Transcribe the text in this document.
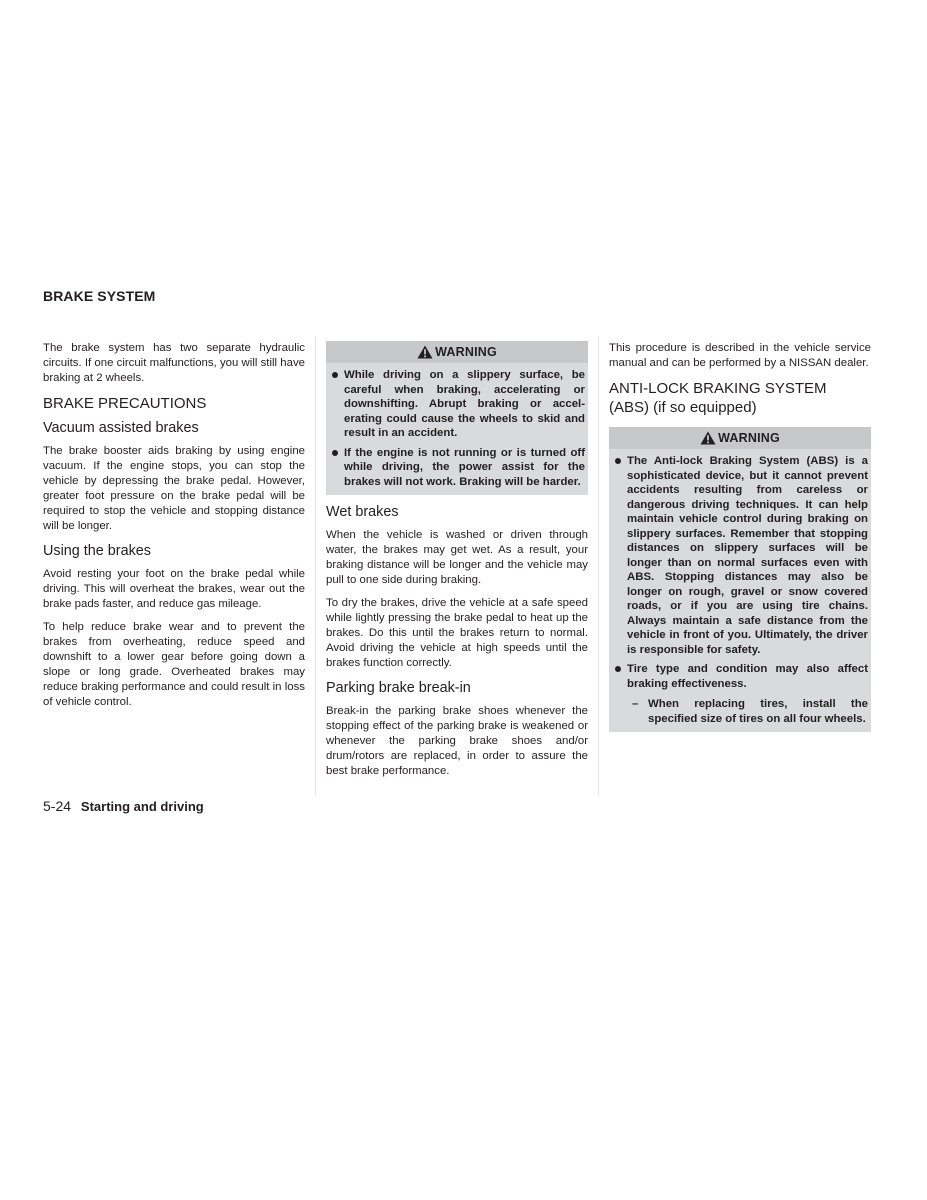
BRAKE SYSTEM

The brake system has two separate hydraulic circuits. If one circuit malfunctions, you will still have braking at 2 wheels.

BRAKE PRECAUTIONS
Vacuum assisted brakes

The brake booster aids braking by using engine vacuum. If the engine stops, you can stop the vehicle by depressing the brake pedal. However, greater foot pressure on the brake pedal will be required to stop the vehicle and stopping distance will be longer.

Using the brakes

Avoid resting your foot on the brake pedal while driving. This will overheat the brakes, wear out the brake pads faster, and reduce gas mileage.

To help reduce brake wear and to prevent the brakes from overheating, reduce speed and downshift to a lower gear before going down a slope or long grade. Overheated brakes may reduce braking performance and could result in loss of vehicle control.

WARNING
While driving on a slippery surface, be careful when braking, accelerating or downshifting. Abrupt braking or accelerating could cause the wheels to skid and result in an accident.
If the engine is not running or is turned off while driving, the power assist for the brakes will not work. Braking will be harder.
Wet brakes

When the vehicle is washed or driven through water, the brakes may get wet. As a result, your braking distance will be longer and the vehicle may pull to one side during braking.

To dry the brakes, drive the vehicle at a safe speed while lightly pressing the brake pedal to heat up the brakes. Do this until the brakes return to normal. Avoid driving the vehicle at high speeds until the brakes function correctly.

Parking brake break-in

Break-in the parking brake shoes whenever the stopping effect of the parking brake is weakened or whenever the parking brake shoes and/or drum/rotors are replaced, in order to assure the best brake performance.

This procedure is described in the vehicle service manual and can be performed by a NISSAN dealer.

ANTI-LOCK BRAKING SYSTEM
(ABS) (if so equipped)
WARNING
The Anti-lock Braking System (ABS) is a sophisticated device, but it cannot prevent accidents resulting from careless or dangerous driving techniques. It can help maintain vehicle control during braking on slippery surfaces. Remember that stopping distances on slippery surfaces will be longer than on normal surfaces even with ABS. Stopping distances may also be longer on rough, gravel or snow covered roads, or if you are using tire chains. Always maintain a safe distance from the vehicle in front of you. Ultimately, the driver is responsible for safety.
Tire type and condition may also affect braking effectiveness.
– When replacing tires, install the specified size of tires on all four wheels.
5-24 Starting and driving
